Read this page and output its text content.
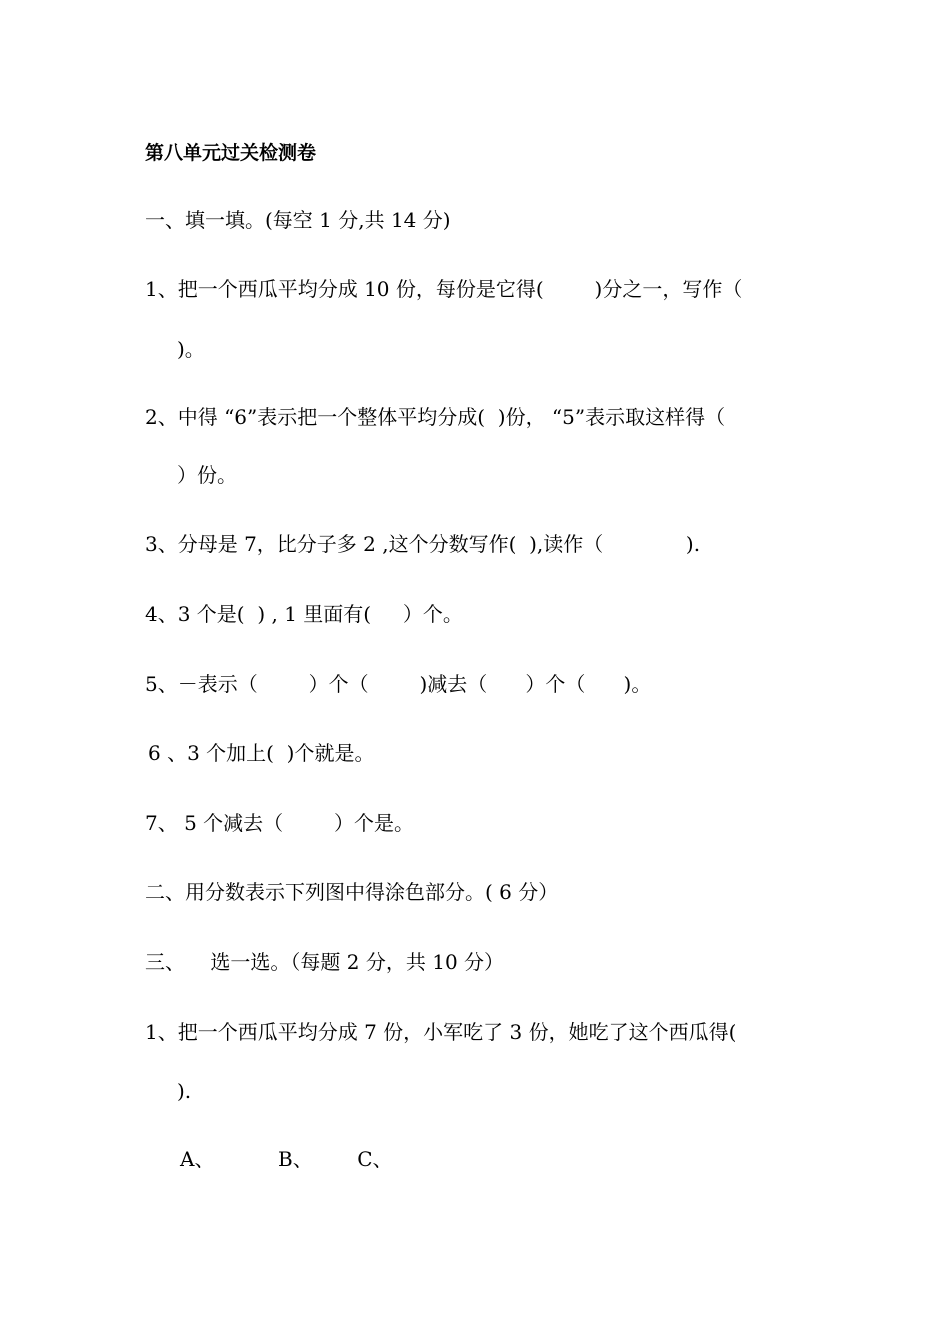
第八单元过关检测卷
一、填一填。(每空 1 分,共 14 分)
1、把一个西瓜平均分成 10 份，每份是它得(        )分之一，写作（
)。
2、中得 “6”表示把一个整体平均分成(  )份， “5”表示取这样得（
）份。
3、分母是 7，比分子多 2 ,这个分数写作(  ),读作（             ).
4、3 个是(  ) , 1 里面有(     ）个。
5、－表示（        ）个（        )减去（      ）个（      )。
6 、3 个加上(  )个就是。
7、 5 个减去（        ）个是。
二、用分数表示下列图中得涂色部分。( 6 分）
三、    选一选。（每题 2 分，共 10 分）
1、把一个西瓜平均分成 7 份，小军吃了 3 份，她吃了这个西瓜得(
).
A、          B、       C、
